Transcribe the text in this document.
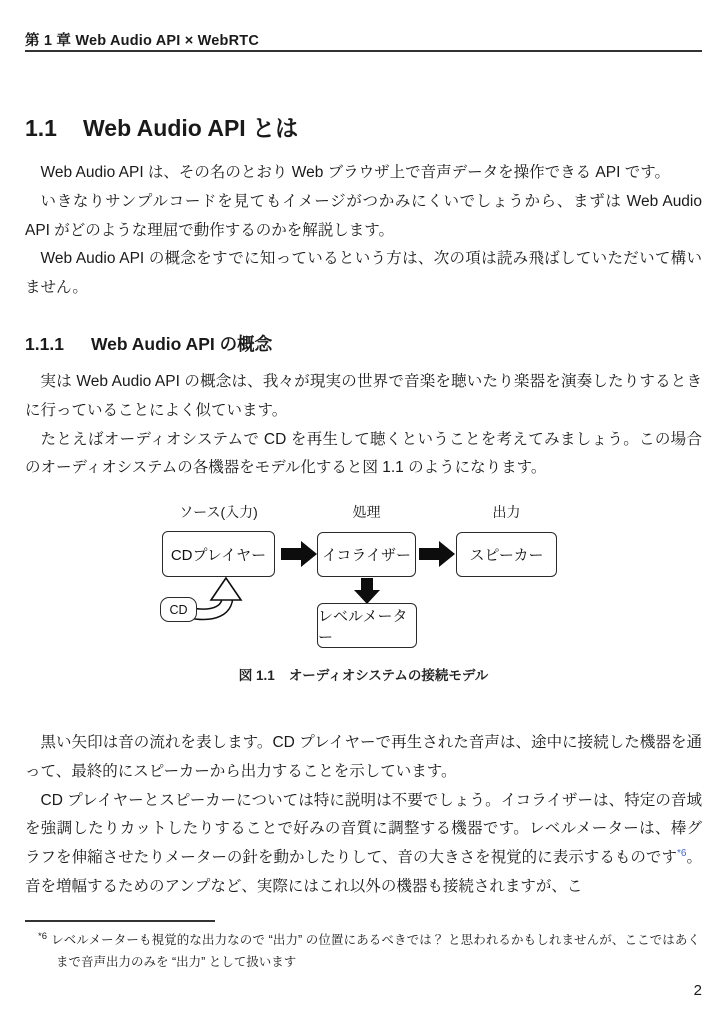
第 1 章 Web Audio API × WebRTC
1.1 Web Audio API とは

Web Audio API は、その名のとおり Web ブラウザ上で音声データを操作できる API です。

いきなりサンプルコードを見てもイメージがつかみにくいでしょうから、まずは Web Audio API がどのような理屈で動作するのかを解説します。

Web Audio API の概念をすでに知っているという方は、次の項は読み飛ばしていただいて構いません。

1.1.1 Web Audio API の概念

実は Web Audio API の概念は、我々が現実の世界で音楽を聴いたり楽器を演奏したりするときに行っていることによく似ています。

たとえばオーディオシステムで CD を再生して聴くということを考えてみましょう。この場合のオーディオシステムの各機器をモデル化すると図 1.1 のようになります。

ソース(入力)	処理	出力
CDプレイヤー	イコライザー	スピーカー
レベルメーター
CD
図 1.1 オーディオシステムの接続モデル

黒い矢印は音の流れを表します。CD プレイヤーで再生された音声は、途中に接続した機器を通って、最終的にスピーカーから出力することを示しています。

CD プレイヤーとスピーカーについては特に説明は不要でしょう。イコライザーは、特定の音域を強調したりカットしたりすることで好みの音質に調整する機器です。レベルメーターは、棒グラフを伸縮させたりメーターの針を動かしたりして、音の大きさを視覚的に表示するものです$^{*6}$。音を増幅するためのアンプなど、実際にはこれ以外の機器も接続されますが、こ

$^{*6}$ レベルメーターも視覚的な出力なので “出力” の位置にあるべきでは？ と思われるかもしれませんが、ここではあくまで音声出力のみを “出力” として扱います
2
